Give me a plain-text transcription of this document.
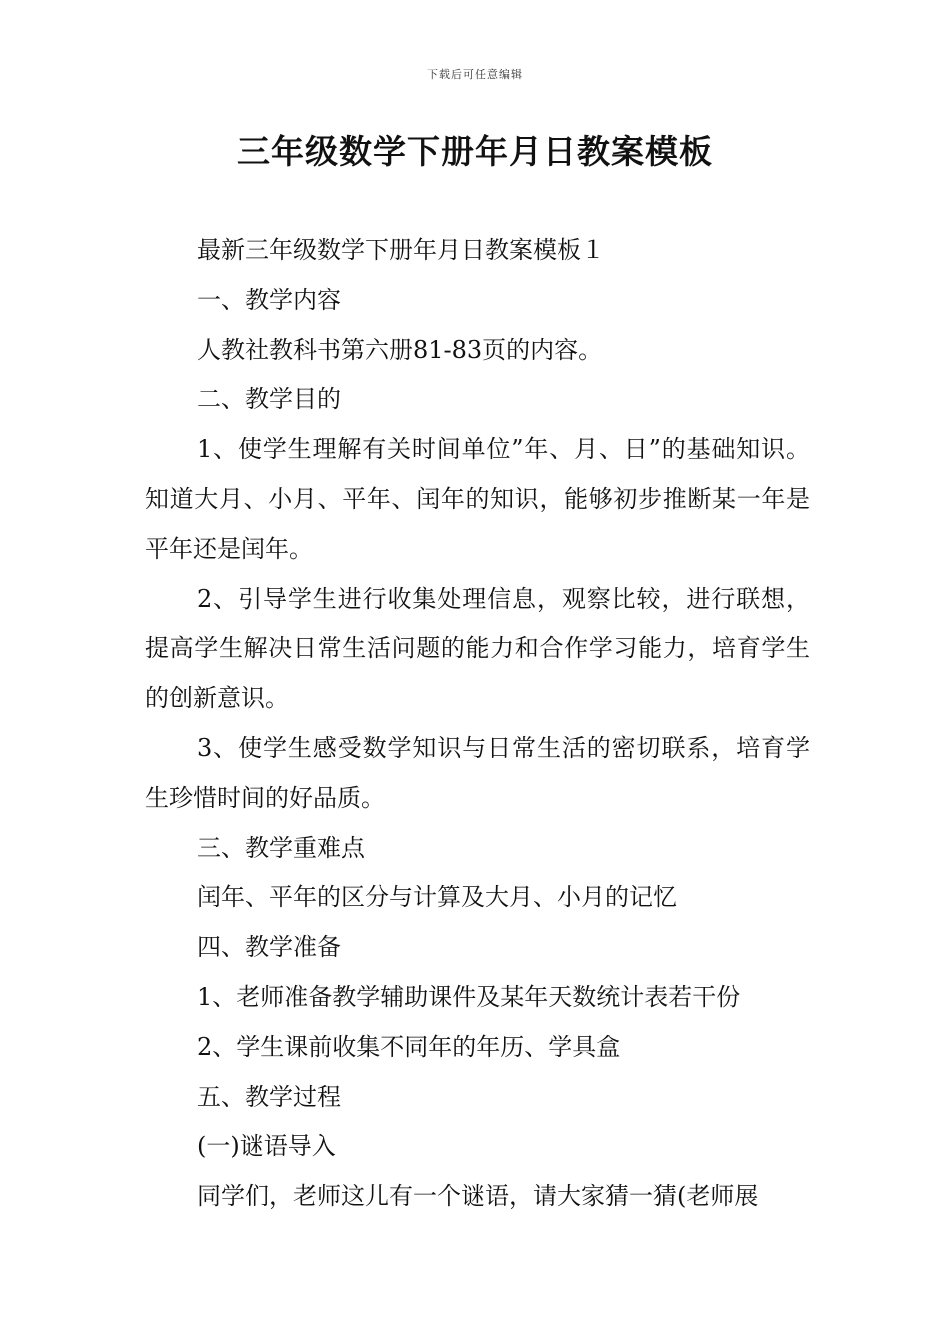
下载后可任意编辑
三年级数学下册年月日教案模板

最新三年级数学下册年月日教案模板１

一、教学内容

人教社教科书第六册81-83页的内容。

二、教学目的

1、使学生理解有关时间单位”年、月、日”的基础知识。知道大月、小月、平年、闰年的知识，能够初步推断某一年是平年还是闰年。

2、引导学生进行收集处理信息，观察比较，进行联想，提高学生解决日常生活问题的能力和合作学习能力，培育学生的创新意识。

3、使学生感受数学知识与日常生活的密切联系，培育学生珍惜时间的好品质。

三、教学重难点

闰年、平年的区分与计算及大月、小月的记忆

四、教学准备

1、老师准备教学辅助课件及某年天数统计表若干份

2、学生课前收集不同年的年历、学具盒

五、教学过程

(一)谜语导入

同学们，老师这儿有一个谜语，请大家猜一猜(老师展
